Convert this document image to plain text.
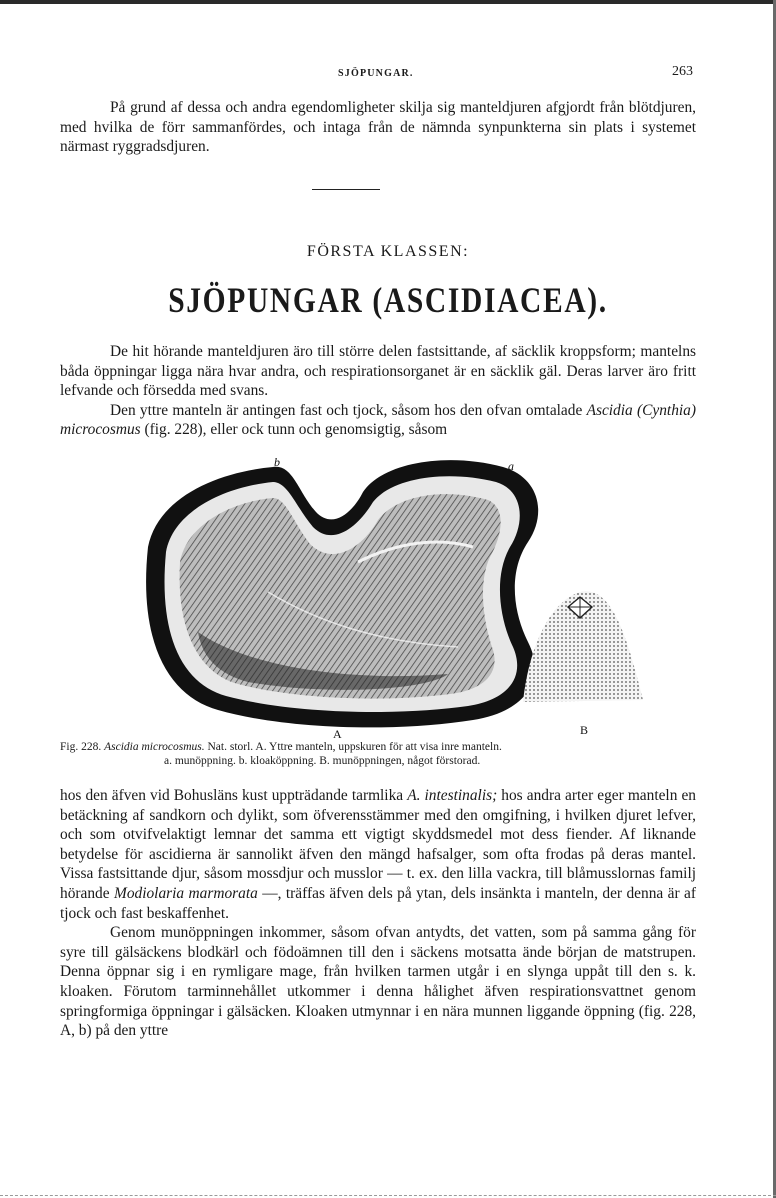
SJÖPUNGAR.	263
På grund af dessa och andra egendomligheter skilja sig manteldjuren afgjordt från blötdjuren, med hvilka de förr sammanfördes, och intaga från de nämnda synpunkterna sin plats i systemet närmast ryggradsdjuren.
FÖRSTA KLASSEN:
SJÖPUNGAR (ASCIDIACEA).
De hit hörande manteldjuren äro till större delen fastsittande, af säcklik kroppsform; mantelns båda öppningar ligga nära hvar andra, och respirationsorganet är en säcklik gäl. Deras larver äro fritt lefvande och försedda med svans.
Den yttre manteln är antingen fast och tjock, såsom hos den ofvan omtalade Ascidia (Cynthia) microcosmus (fig. 228), eller ock tunn och genomsigtig, såsom
b	a
A	B
Fig. 228. Ascidia microcosmus. Nat. storl. A. Yttre manteln, uppskuren för att visa inre manteln.
a. munöppning. b. kloaköppning. B. munöppningen, något förstorad.
hos den äfven vid Bohusläns kust uppträdande tarmlika A. intestinalis; hos andra arter eger manteln en betäckning af sandkorn och dylikt, som öfverensstämmer med den omgifning, i hvilken djuret lefver, och som otvifvelaktigt lemnar det samma ett vigtigt skyddsmedel mot dess fiender. Af liknande betydelse för ascidierna är sannolikt äfven den mängd hafsalger, som ofta frodas på deras mantel. Vissa fastsittande djur, såsom mossdjur och musslor — t. ex. den lilla vackra, till blåmusslornas familj hörande Modiolaria marmorata —, träffas äfven dels på ytan, dels insänkta i manteln, der denna är af tjock och fast beskaffenhet.
Genom munöppningen inkommer, såsom ofvan antydts, det vatten, som på samma gång för syre till gälsäckens blodkärl och födoämnen till den i säckens motsatta ände början de matstrupen. Denna öppnar sig i en rymligare mage, från hvilken tarmen utgår i en slynga uppåt till den s. k. kloaken. Förutom tarminnehållet utkommer i denna hålighet äfven respirationsvattnet genom springformiga öppningar i gälsäcken. Kloaken utmynnar i en nära munnen liggande öppning (fig. 228, A, b) på den yttre
